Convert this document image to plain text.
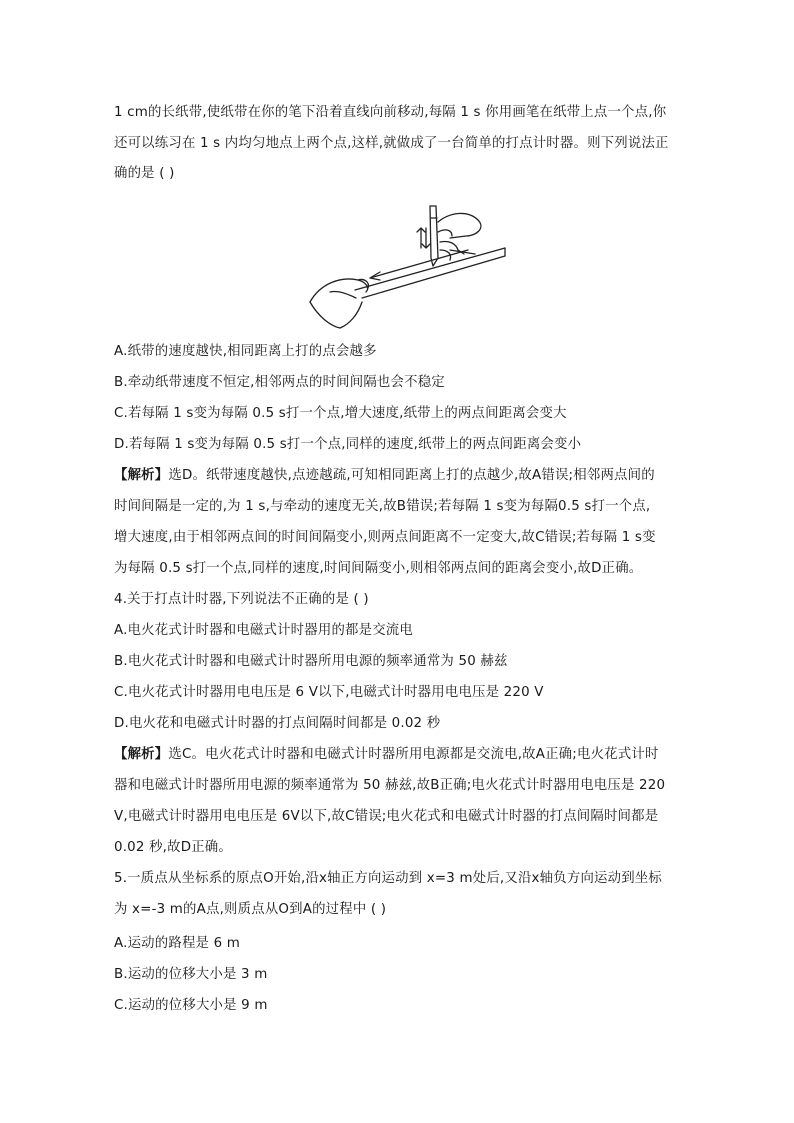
1 cm的长纸带,使纸带在你的笔下沿着直线向前移动,每隔 1 s 你用画笔在纸带上点一个点,你
还可以练习在 1 s 内均匀地点上两个点,这样,就做成了一台简单的打点计时器。则下列说法正
确的是 ( )
A.纸带的速度越快,相同距离上打的点会越多
B.牵动纸带速度不恒定,相邻两点的时间间隔也会不稳定
C.若每隔 1 s变为每隔 0.5 s打一个点,增大速度,纸带上的两点间距离会变大
D.若每隔 1 s变为每隔 0.5 s打一个点,同样的速度,纸带上的两点间距离会变小
【解析】选D。纸带速度越快,点迹越疏,可知相同距离上打的点越少,故A错误;相邻两点间的
时间间隔是一定的,为 1 s,与牵动的速度无关,故B错误;若每隔 1 s变为每隔0.5 s打一个点,
增大速度,由于相邻两点间的时间间隔变小,则两点间距离不一定变大,故C错误;若每隔 1 s变
为每隔 0.5 s打一个点,同样的速度,时间间隔变小,则相邻两点间的距离会变小,故D正确。
4.关于打点计时器,下列说法不正确的是 ( )
A.电火花式计时器和电磁式计时器用的都是交流电
B.电火花式计时器和电磁式计时器所用电源的频率通常为 50 赫兹
C.电火花式计时器用电电压是 6 V以下,电磁式计时器用电电压是 220 V
D.电火花和电磁式计时器的打点间隔时间都是 0.02 秒
【解析】选C。电火花式计时器和电磁式计时器所用电源都是交流电,故A正确;电火花式计时
器和电磁式计时器所用电源的频率通常为 50 赫兹,故B正确;电火花式计时器用电电压是 220
V,电磁式计时器用电电压是 6V以下,故C错误;电火花式和电磁式计时器的打点间隔时间都是
0.02 秒,故D正确。
5.一质点从坐标系的原点O开始,沿x轴正方向运动到 x=3 m处后,又沿x轴负方向运动到坐标
为 x=-3 m的A点,则质点从O到A的过程中 ( )
A.运动的路程是 6 m
B.运动的位移大小是 3 m
C.运动的位移大小是 9 m
